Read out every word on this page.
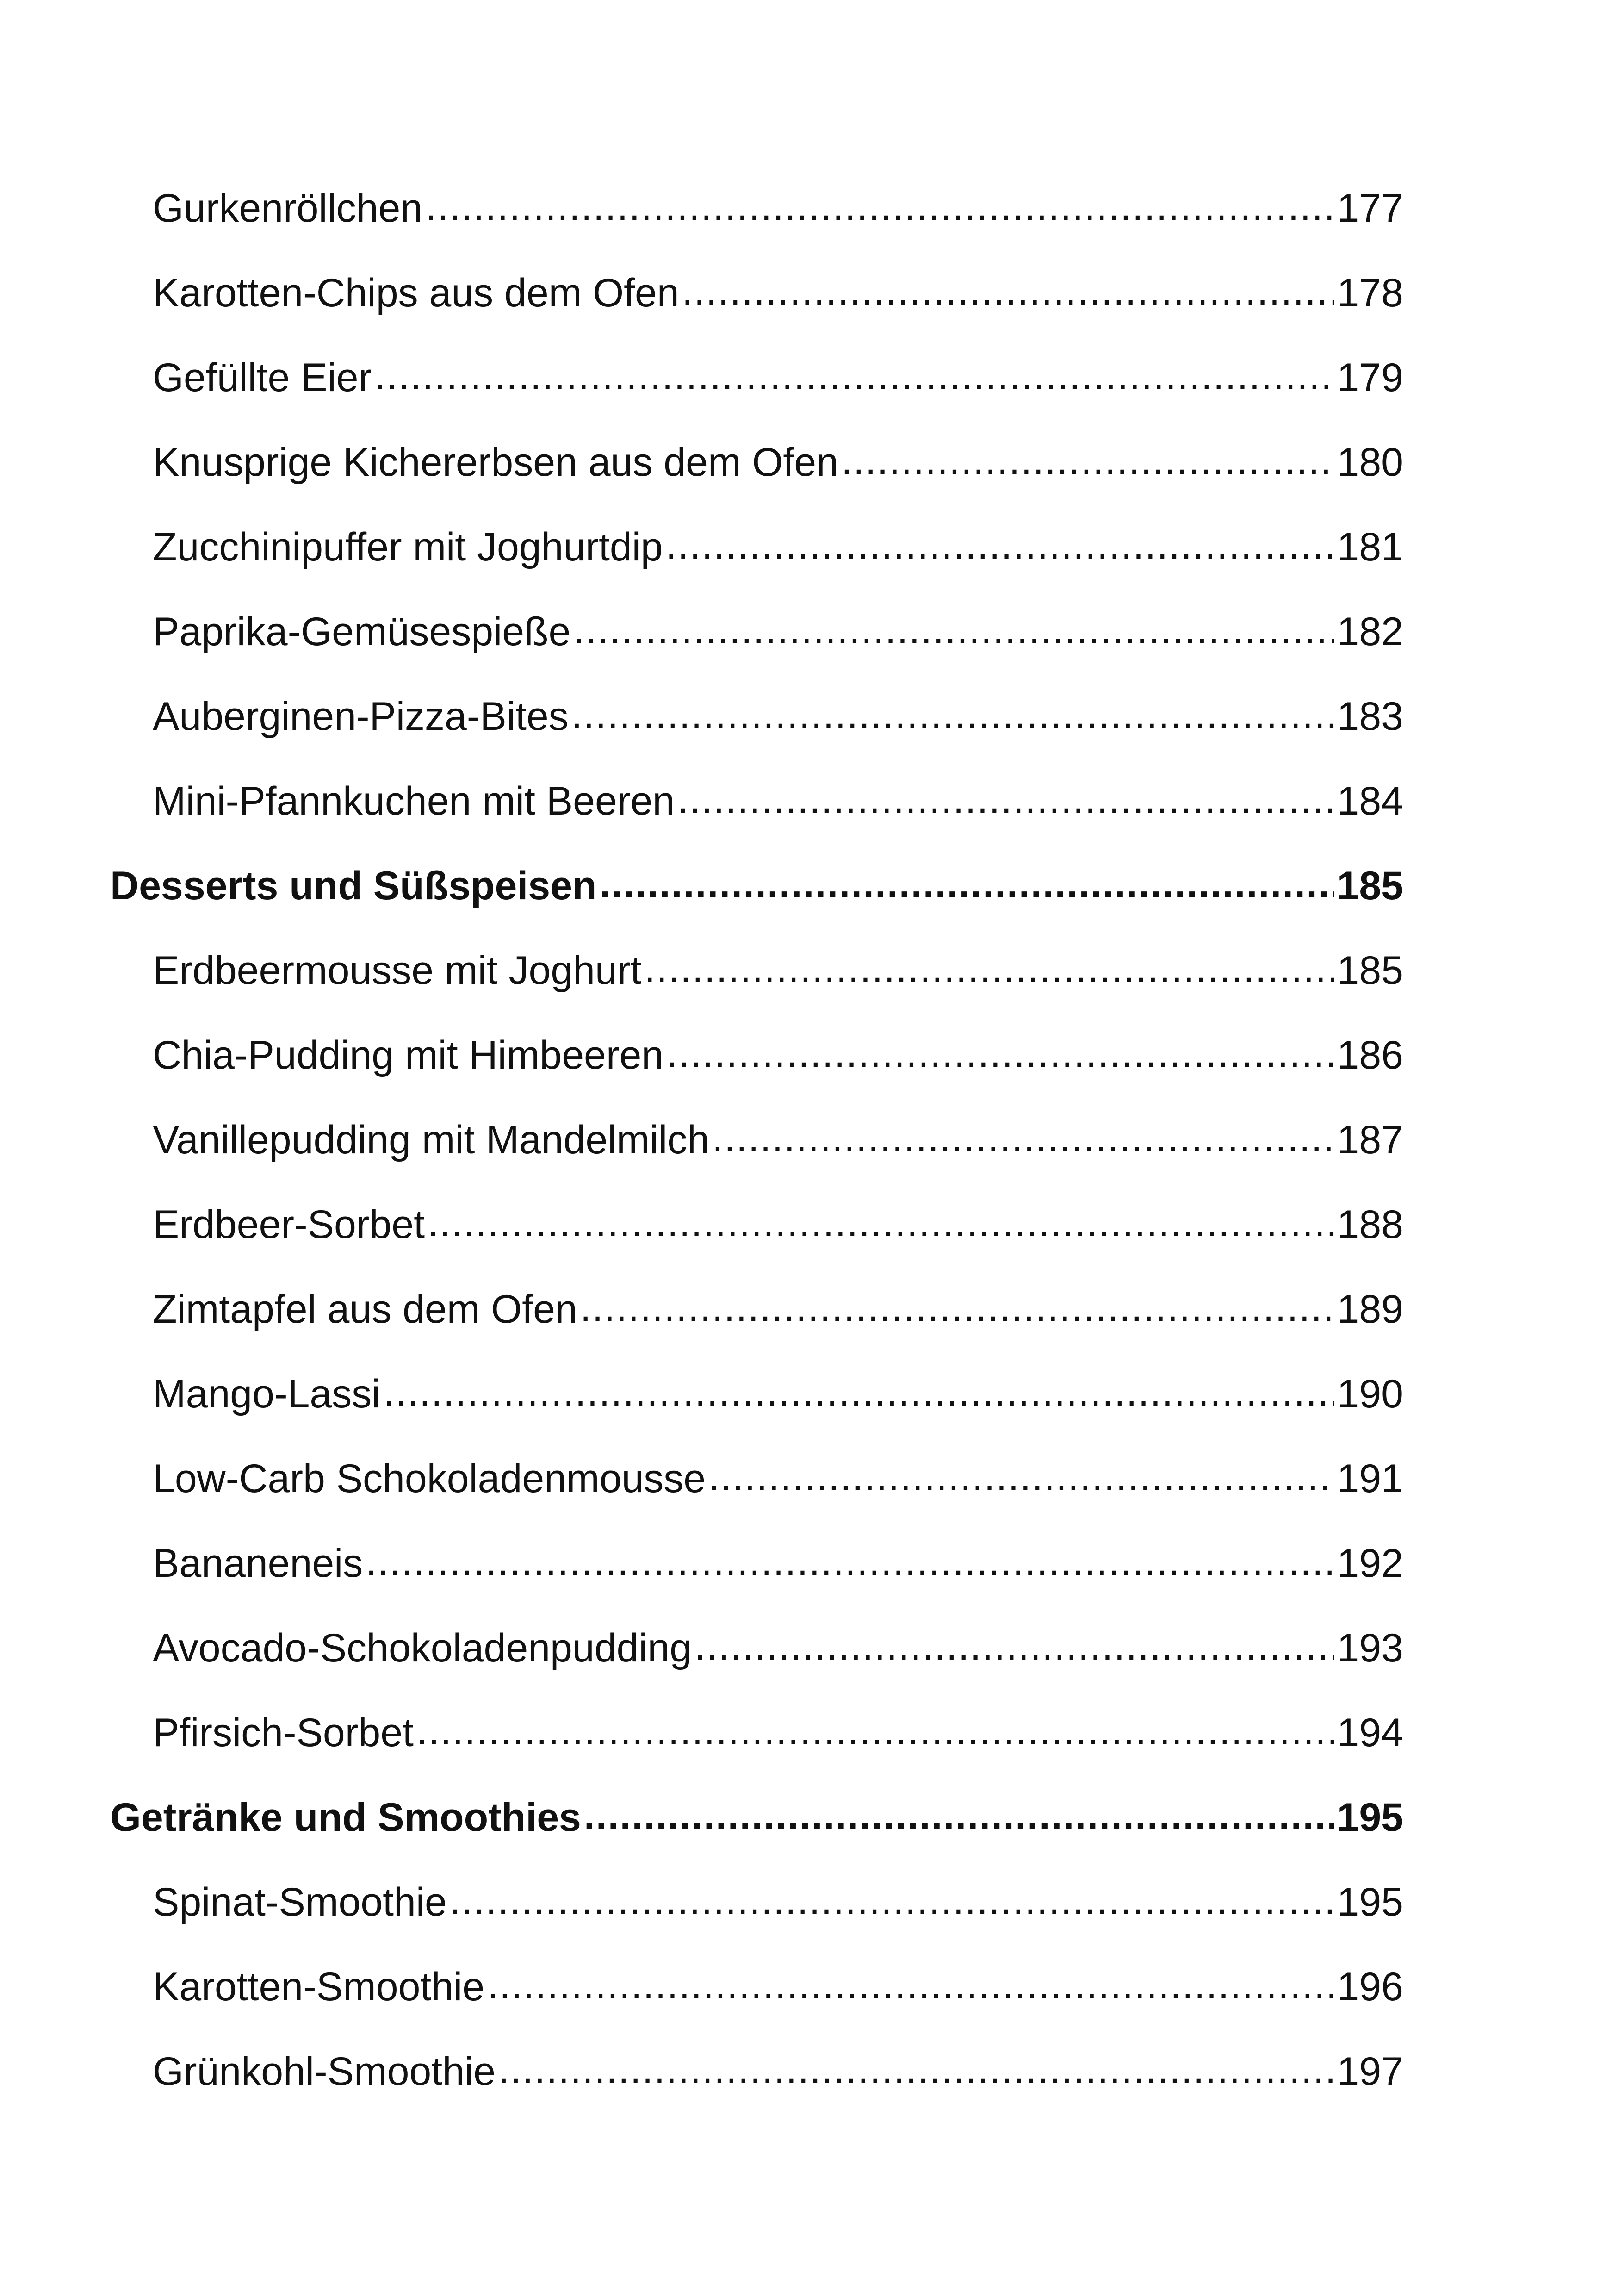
Gurkenröllchen .....	177
Karotten-Chips aus dem Ofen .....	178
Gefüllte Eier .....	179
Knusprige Kichererbsen aus dem Ofen .....	180
Zucchinipuffer mit Joghurtdip .....	181
Paprika-Gemüsespieße .....	182
Auberginen-Pizza-Bites .....	183
Mini-Pfannkuchen mit Beeren .....	184
Desserts und Süßspeisen .....	185
Erdbeermousse mit Joghurt .....	185
Chia-Pudding mit Himbeeren .....	186
Vanillepudding mit Mandelmilch .....	187
Erdbeer-Sorbet .....	188
Zimtapfel aus dem Ofen .....	189
Mango-Lassi .....	190
Low-Carb Schokoladenmousse .....	191
Bananeneis .....	192
Avocado-Schokoladenpudding .....	193
Pfirsich-Sorbet .....	194
Getränke und Smoothies .....	195
Spinat-Smoothie .....	195
Karotten-Smoothie .....	196
Grünkohl-Smoothie .....	197
